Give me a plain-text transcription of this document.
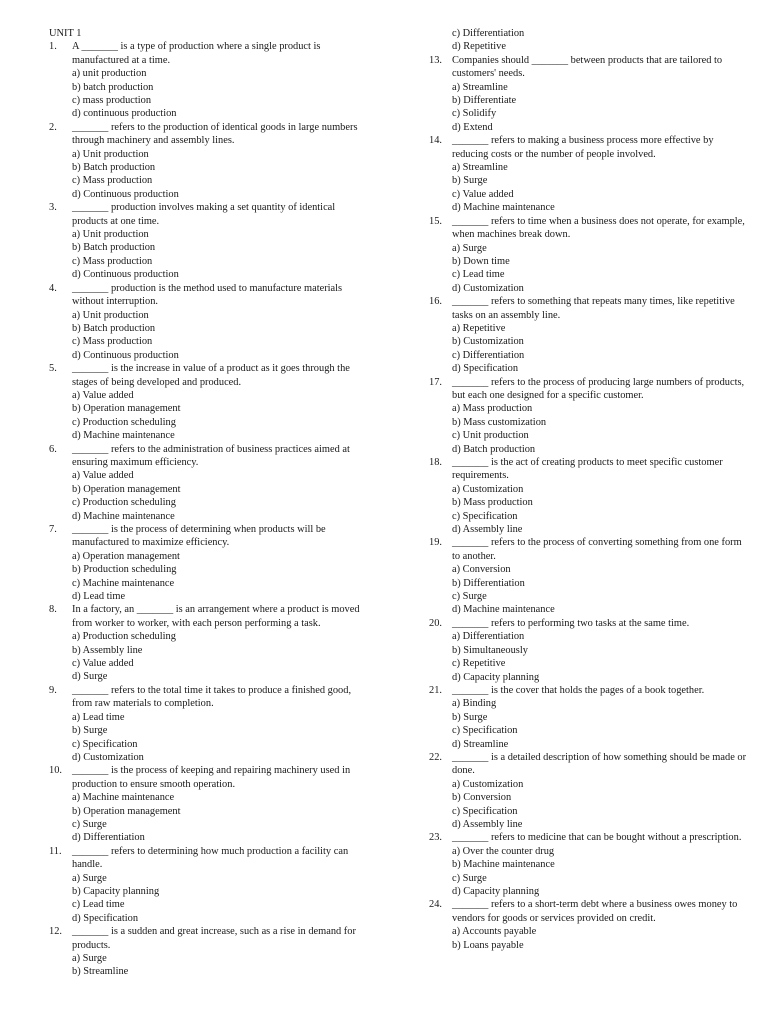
UNIT 1
1. A _______ is a type of production where a single product is manufactured at a time.
a) unit production
b) batch production
c) mass production
d) continuous production
2. _______ refers to the production of identical goods in large numbers through machinery and assembly lines.
a) Unit production
b) Batch production
c) Mass production
d) Continuous production
3. _______ production involves making a set quantity of identical products at one time.
a) Unit production
b) Batch production
c) Mass production
d) Continuous production
4. _______ production is the method used to manufacture materials without interruption.
a) Unit production
b) Batch production
c) Mass production
d) Continuous production
5. _______ is the increase in value of a product as it goes through the stages of being developed and produced.
a) Value added
b) Operation management
c) Production scheduling
d) Machine maintenance
6. _______ refers to the administration of business practices aimed at ensuring maximum efficiency.
a) Value added
b) Operation management
c) Production scheduling
d) Machine maintenance
7. _______ is the process of determining when products will be manufactured to maximize efficiency.
a) Operation management
b) Production scheduling
c) Machine maintenance
d) Lead time
8. In a factory, an _______ is an arrangement where a product is moved from worker to worker, with each person performing a task.
a) Production scheduling
b) Assembly line
c) Value added
d) Surge
9. _______ refers to the total time it takes to produce a finished good, from raw materials to completion.
a) Lead time
b) Surge
c) Specification
d) Customization
10. _______ is the process of keeping and repairing machinery used in production to ensure smooth operation.
a) Machine maintenance
b) Operation management
c) Surge
d) Differentiation
11. _______ refers to determining how much production a facility can handle.
a) Surge
b) Capacity planning
c) Lead time
d) Specification
12. _______ is a sudden and great increase, such as a rise in demand for products.
a) Surge
b) Streamline
c) Differentiation
d) Repetitive
13. Companies should _______ between products that are tailored to customers' needs.
a) Streamline
b) Differentiate
c) Solidify
d) Extend
14. _______ refers to making a business process more effective by reducing costs or the number of people involved.
a) Streamline
b) Surge
c) Value added
d) Machine maintenance
15. _______ refers to time when a business does not operate, for example, when machines break down.
a) Surge
b) Down time
c) Lead time
d) Customization
16. _______ refers to something that repeats many times, like repetitive tasks on an assembly line.
a) Repetitive
b) Customization
c) Differentiation
d) Specification
17. _______ refers to the process of producing large numbers of products, but each one designed for a specific customer.
a) Mass production
b) Mass customization
c) Unit production
d) Batch production
18. _______ is the act of creating products to meet specific customer requirements.
a) Customization
b) Mass production
c) Specification
d) Assembly line
19. _______ refers to the process of converting something from one form to another.
a) Conversion
b) Differentiation
c) Surge
d) Machine maintenance
20. _______ refers to performing two tasks at the same time.
a) Differentiation
b) Simultaneously
c) Repetitive
d) Capacity planning
21. _______ is the cover that holds the pages of a book together.
a) Binding
b) Surge
c) Specification
d) Streamline
22. _______ is a detailed description of how something should be made or done.
a) Customization
b) Conversion
c) Specification
d) Assembly line
23. _______ refers to medicine that can be bought without a prescription.
a) Over the counter drug
b) Machine maintenance
c) Surge
d) Capacity planning
24. _______ refers to a short-term debt where a business owes money to vendors for goods or services provided on credit.
a) Accounts payable
b) Loans payable
